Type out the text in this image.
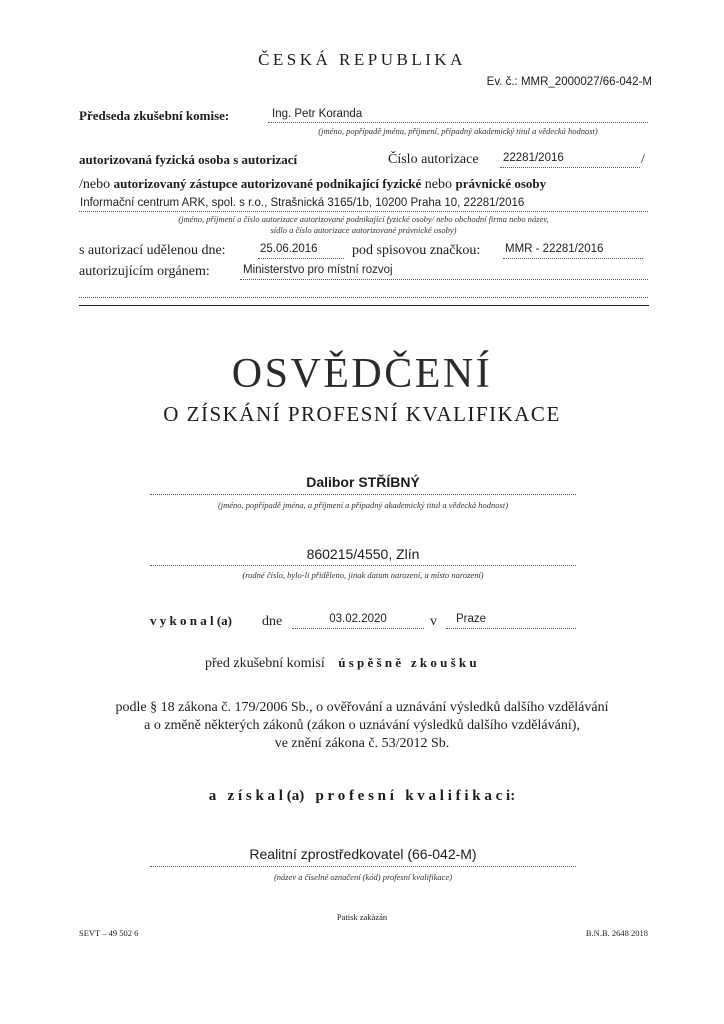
ČESKÁ REPUBLIKA
Ev. č.: MMR_2000027/66-042-M
Předseda zkušební komise:	Ing. Petr Koranda
(jméno, popřípadě jména, příjmení, případný akademický titul a vědecká hodnost)
autorizovaná fyzická osoba s autorizací	Číslo autorizace 22281/2016	/
/nebo autorizovaný zástupce autorizované podnikající fyzické nebo právnické osoby
Informační centrum ARK, spol. s r.o., Strašnická 3165/1b, 10200 Praha 10, 22281/2016
(jméno, příjmení a číslo autorizace autorizované podnikající fyzické osoby/ nebo obchodní firma nebo název,
sídlo a číslo autorizace autorizované právnické osoby)
s autorizací udělenou dne:	25.06.2016 pod spisovou značkou: MMR - 22281/2016
autorizujícím orgánem:	Ministerstvo pro místní rozvoj
OSVĚDČENÍ
O ZÍSKÁNÍ PROFESNÍ KVALIFIKACE
Dalibor STŘÍBNÝ
(jméno, popřípadě jména, a příjmení a případný akademický titul a vědecká hodnost)
860215/4550, Zlín
(rodné číslo, bylo-li přiděleno, jinak datum narození, a místo narození)
v y k o n a l (a) dne	03.02.2020	v Praze
před zkušební komisí ú s p ě š n ě   z k o u š k u
podle § 18 zákona č. 179/2006 Sb., o ověřování a uznávání výsledků dalšího vzdělávání
a o změně některých zákonů (zákon o uznávání výsledků dalšího vzdělávání),
ve znění zákona č. 53/2012 Sb.
a   z í s k a l (a)   p r o f e s n í   k v a l i f i k a c i:
Realitní zprostředkovatel (66-042-M)
(název a číselné označení (kód) profesní kvalifikace)
SEVT – 49 502 6
Patisk zakázán
B.N.B. 2648 2018
